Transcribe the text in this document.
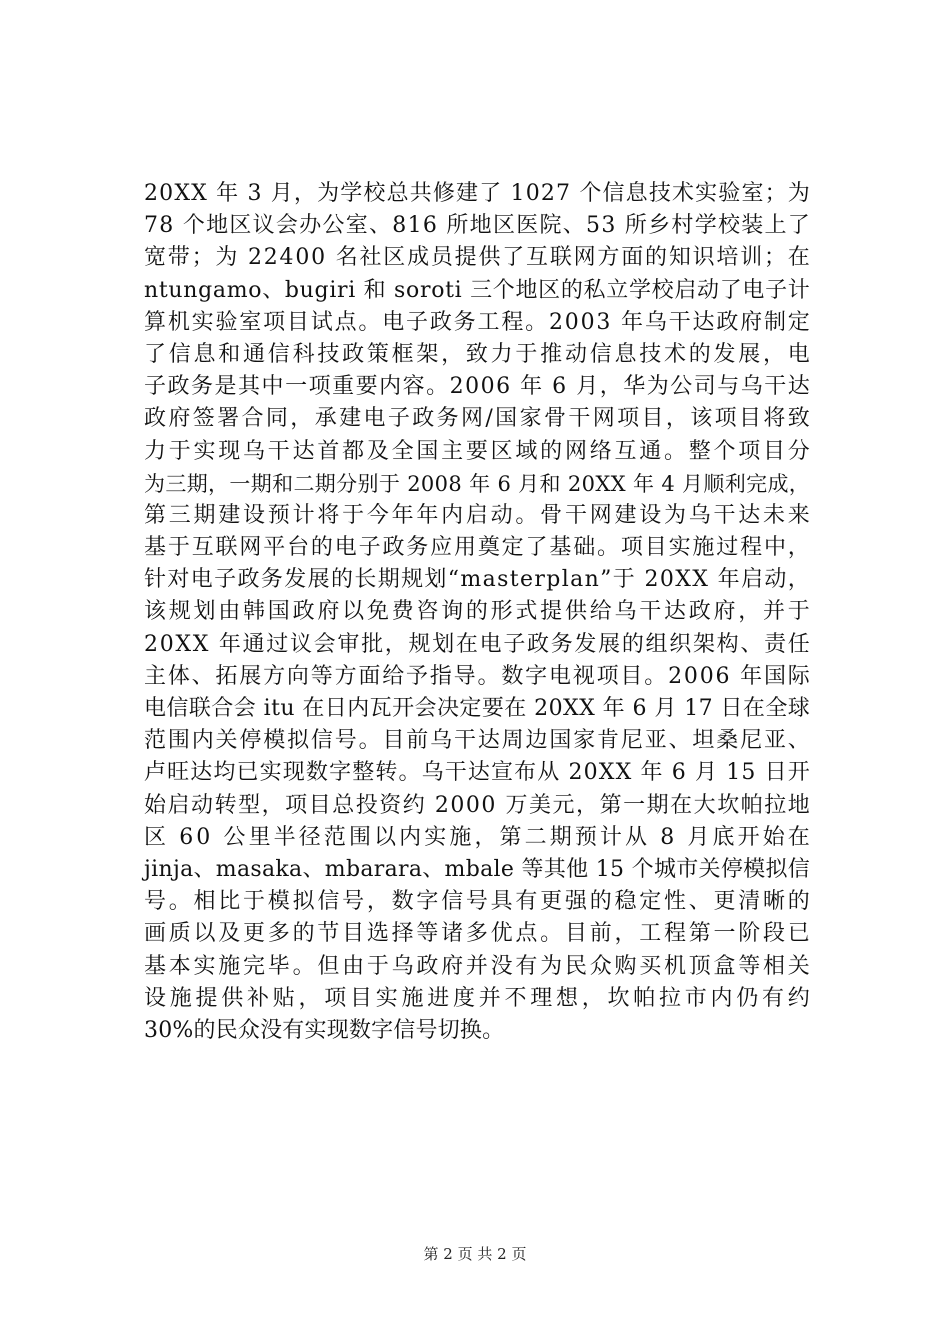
20XX 年 3 月，为学校总共修建了 1027 个信息技术实验室；为
78 个地区议会办公室、816 所地区医院、53 所乡村学校装上了
宽带；为 22400 名社区成员提供了互联网方面的知识培训；在
ntungamo、bugiri 和 soroti 三个地区的私立学校启动了电子计
算机实验室项目试点。电子政务工程。2003 年乌干达政府制定
了信息和通信科技政策框架，致力于推动信息技术的发展，电
子政务是其中一项重要内容。2006 年 6 月，华为公司与乌干达
政府签署合同，承建电子政务网/国家骨干网项目，该项目将致
力于实现乌干达首都及全国主要区域的网络互通。整个项目分
为三期，一期和二期分别于 2008 年 6 月和 20XX 年 4 月顺利完成，
第三期建设预计将于今年年内启动。骨干网建设为乌干达未来
基于互联网平台的电子政务应用奠定了基础。项目实施过程中，
针对电子政务发展的长期规划“masterplan”于 20XX 年启动，
该规划由韩国政府以免费咨询的形式提供给乌干达政府，并于
20XX 年通过议会审批，规划在电子政务发展的组织架构、责任
主体、拓展方向等方面给予指导。数字电视项目。2006 年国际
电信联合会 itu 在日内瓦开会决定要在 20XX 年 6 月 17 日在全球
范围内关停模拟信号。目前乌干达周边国家肯尼亚、坦桑尼亚、
卢旺达均已实现数字整转。乌干达宣布从 20XX 年 6 月 15 日开
始启动转型，项目总投资约 2000 万美元，第一期在大坎帕拉地
区 60 公里半径范围以内实施，第二期预计从 8 月底开始在
jinja、masaka、mbarara、mbale 等其他 15 个城市关停模拟信
号。相比于模拟信号，数字信号具有更强的稳定性、更清晰的
画质以及更多的节目选择等诸多优点。目前，工程第一阶段已
基本实施完毕。但由于乌政府并没有为民众购买机顶盒等相关
设施提供补贴，项目实施进度并不理想，坎帕拉市内仍有约
30%的民众没有实现数字信号切换。
第 2 页 共 2 页
